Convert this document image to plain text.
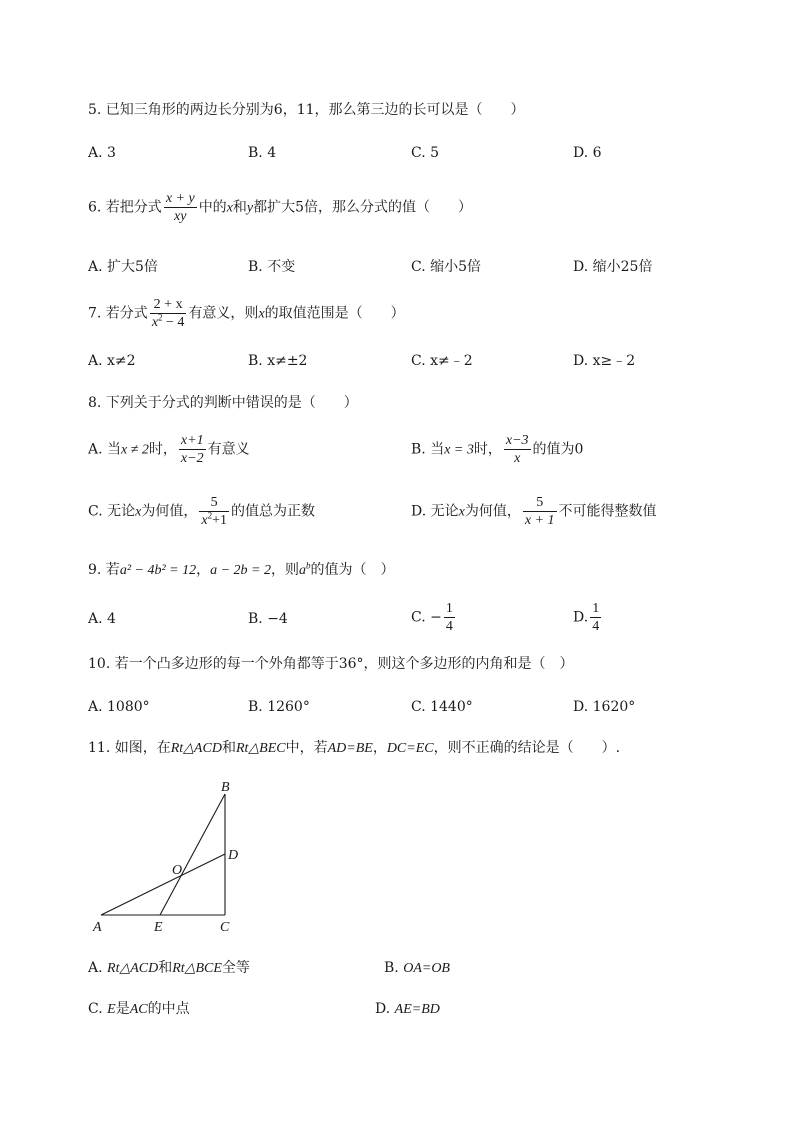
5. 已知三角形的两边长分别为6，11，那么第三边的长可以是（　　）
A. 3	B. 4	C. 5	D. 6
6. 若把分式 $\frac{x + y}{xy}$ 中的x和y都扩大5倍，那么分式的值（　　）
A. 扩大5倍	B. 不变	C. 缩小5倍	D. 缩小25倍
7. 若分式 $\frac{2 + x}{x^2 - 4}$ 有意义，则x的取值范围是（　　）
A. x≠2	B. x≠±2	C. x≠﹣2	D. x≥﹣2
8. 下列关于分式的判断中错误的是（　　）
A. 当x ≠ 2时， $\frac{x+1}{x-2}$ 有意义	B. 当x = 3时， $\frac{x-3}{x}$ 的值为0
C. 无论x为何值， $\frac{5}{x^2+1}$ 的值总为正数	D. 无论x为何值， $\frac{5}{x + 1}$ 不可能得整数值
9. 若a² − 4b² = 12，a − 2b = 2，则$a^b$的值为（　）
A. 4	B. −4	C. − $\frac{1}{4}$	D. $\frac{1}{4}$
10. 若一个凸多边形的每一个外角都等于36°，则这个多边形的内角和是（　）
A. 1080°	B. 1260°	C. 1440°	D. 1620°
11. 如图，在Rt△ACD和Rt△BEC中，若AD=BE，DC=EC，则不正确的结论是（　　）.
B
D
O
A	E	C
A. Rt△ACD和Rt△BCE全等	B. OA=OB
C. E是AC的中点	D. AE=BD
